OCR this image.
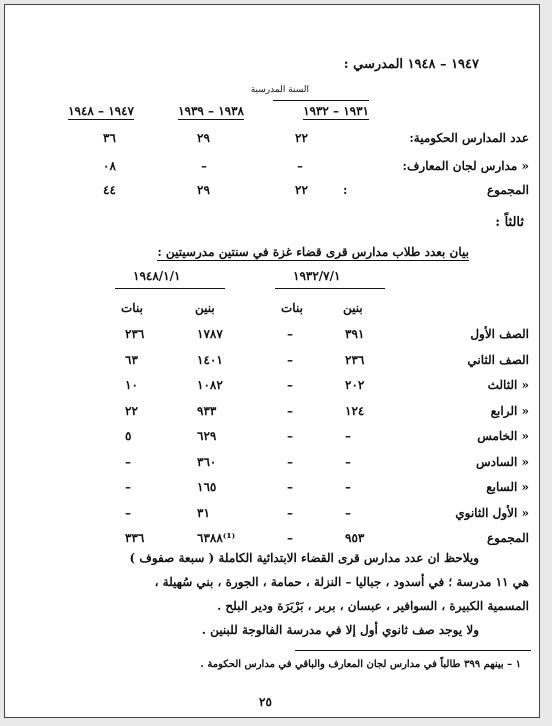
١٩٤٧ – ١٩٤٨ المدرسي :
السنة المدرسية
١٩٣١ – ١٩٣٢
١٩٣٨ – ١٩٣٩
١٩٤٧ – ١٩٤٨
عدد المدارس الحكومية:
٢٢
٢٩
٣٦
« مدارس لجان المعارف:
–
–
٠٨
المجموع
:
٢٢
٢٩
٤٤
ثالثاً :
بيان بعدد طلاب مدارس قرى قضاء غزة في سنتين مدرسيتين :
١٩٣٢/٧/١
١٩٤٨/١/١
بنين
بنات
بنين
بنات
الصف الأول
٣٩١
–
١٧٨٧
٢٣٦
الصف الثاني
٢٣٦
–
١٤٠١
٦٣
« الثالث
٢٠٢
–
١٠٨٢
١٠
« الرابع
١٢٤
–
٩٣٣
٢٢
« الخامس
–
–
٦٢٩
٥
« السادس
–
–
٣٦٠
–
« السابع
–
–
١٦٥
–
« الأول الثانوي
–
–
٣١
–
المجموع
٩٥٣
–
⁽¹⁾٦٣٨٨
٣٣٦
ويلاحظ ان عدد مدارس قرى القضاء الابتدائية الكاملة ( سبعة صفوف )
هي ١١ مدرسة ؛ في أسدود ، جباليا – النزلة ، حمامة ، الجورة ، بني سُهيلة ،
المسمية الكبيرة ، السوافير ، عبسان ، بربر ، بَرْبَرَة ودير البلح .
ولا يوجد صف ثانوي أول إلا في مدرسة الفالوجة للبنين .
١ – بينهم ٣٩٩ طالباً في مدارس لجان المعارف والباقي في مدارس الحكومة .
٢٥
